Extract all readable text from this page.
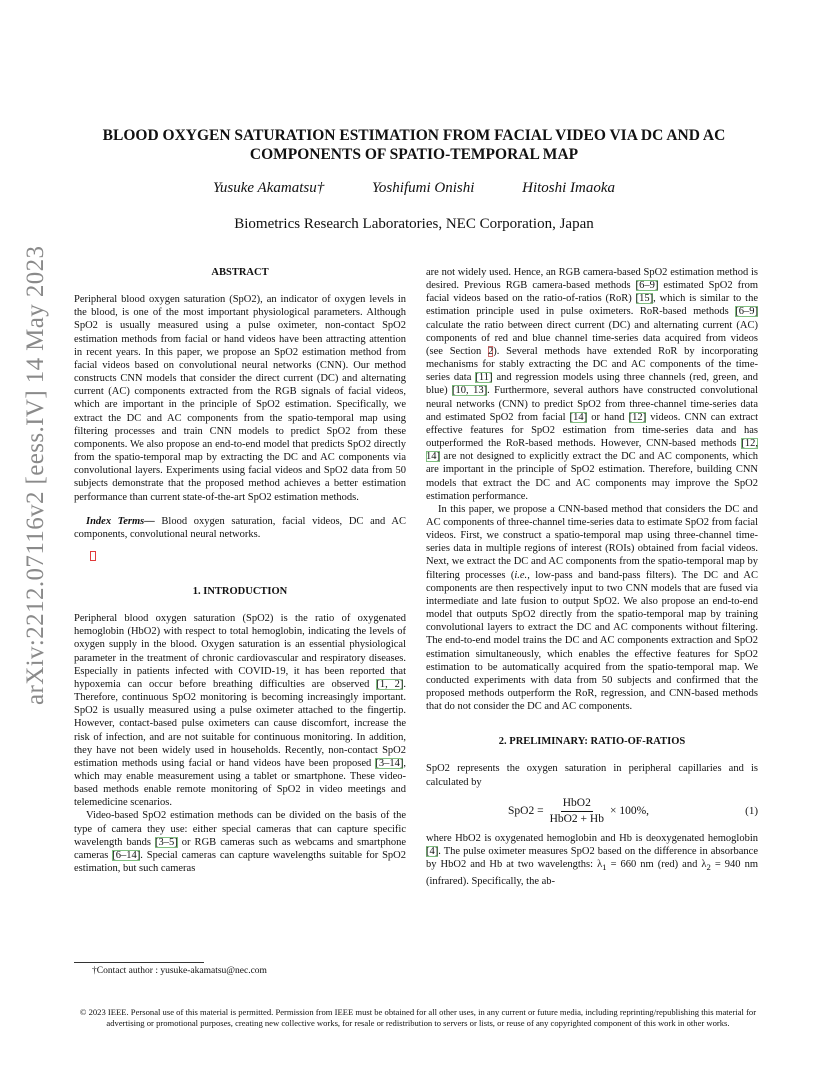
arXiv:2212.07116v2 [eess.IV] 14 May 2023
BLOOD OXYGEN SATURATION ESTIMATION FROM FACIAL VIDEO VIA DC AND AC COMPONENTS OF SPATIO-TEMPORAL MAP
Yusuke Akamatsu†	Yoshifumi Onishi	Hitoshi Imaoka
Biometrics Research Laboratories, NEC Corporation, Japan
ABSTRACT

Peripheral blood oxygen saturation (SpO2), an indicator of oxygen levels in the blood, is one of the most important physiological parameters. Although SpO2 is usually measured using a pulse oximeter, non-contact SpO2 estimation methods from facial or hand videos have been attracting attention in recent years. In this paper, we propose an SpO2 estimation method from facial videos based on convolutional neural networks (CNN). Our method constructs CNN models that consider the direct current (DC) and alternating current (AC) components extracted from the RGB signals of facial videos, which are important in the principle of SpO2 estimation. Specifically, we extract the DC and AC components from the spatio-temporal map using filtering processes and train CNN models to predict SpO2 from these components. We also propose an end-to-end model that predicts SpO2 directly from the spatio-temporal map by extracting the DC and AC components via convolutional layers. Experiments using facial videos and SpO2 data from 50 subjects demonstrate that the proposed method achieves a better estimation performance than current state-of-the-art SpO2 estimation methods.

Index Terms— Blood oxygen saturation, facial videos, DC and AC components, convolutional neural networks.

1. INTRODUCTION

Peripheral blood oxygen saturation (SpO2) is the ratio of oxygenated hemoglobin (HbO2) with respect to total hemoglobin, indicating the levels of oxygen supply in the blood. Oxygen saturation is an essential physiological parameter in the treatment of chronic cardiovascular and respiratory diseases. Especially in patients infected with COVID-19, it has been reported that hypoxemia can occur before breathing difficulties are observed [1, 2]. Therefore, continuous SpO2 monitoring is becoming increasingly important. SpO2 is usually measured using a pulse oximeter attached to the fingertip. However, contact-based pulse oximeters can cause discomfort, increase the risk of infection, and are not suitable for continuous monitoring. In addition, they have not been widely used in households. Recently, non-contact SpO2 estimation methods using facial or hand videos have been proposed [3–14], which may enable measurement using a tablet or smartphone. These video-based methods enable remote monitoring of SpO2 in video meetings and telemedicine scenarios.

Video-based SpO2 estimation methods can be divided on the basis of the type of camera they use: either special cameras that can capture specific wavelength bands [3–5] or RGB cameras such as webcams and smartphone cameras [6–14]. Special cameras can capture wavelengths suitable for SpO2 estimation, but such cameras

are not widely used. Hence, an RGB camera-based SpO2 estimation method is desired. Previous RGB camera-based methods [6–9] estimated SpO2 from facial videos based on the ratio-of-ratios (RoR) [15], which is similar to the estimation principle used in pulse oximeters. RoR-based methods [6–9] calculate the ratio between direct current (DC) and alternating current (AC) components of red and blue channel time-series data acquired from videos (see Section 2). Several methods have extended RoR by incorporating mechanisms for stably extracting the DC and AC components of the time-series data [11] and regression models using three channels (red, green, and blue) [10, 13]. Furthermore, several authors have constructed convolutional neural networks (CNN) to predict SpO2 from three-channel time-series data and estimated SpO2 from facial [14] or hand [12] videos. CNN can extract effective features for SpO2 estimation from time-series data and has outperformed the RoR-based methods. However, CNN-based methods [12, 14] are not designed to explicitly extract the DC and AC components, which are important in the principle of SpO2 estimation. Therefore, building CNN models that extract the DC and AC components may improve the SpO2 estimation performance.

In this paper, we propose a CNN-based method that considers the DC and AC components of three-channel time-series data to estimate SpO2 from facial videos. First, we construct a spatio-temporal map using three-channel time-series data in multiple regions of interest (ROIs) obtained from facial videos. Next, we extract the DC and AC components from the spatio-temporal map by filtering processes (i.e., low-pass and band-pass filters). The DC and AC components are then respectively input to two CNN models that are fused via intermediate and late fusion to output SpO2. We also propose an end-to-end model that outputs SpO2 directly from the spatio-temporal map by training convolutional layers to extract the DC and AC components without filtering. The end-to-end model trains the DC and AC components extraction and SpO2 estimation simultaneously, which enables the effective features for SpO2 estimation to be automatically acquired from the spatio-temporal map. We conducted experiments with data from 50 subjects and confirmed that the proposed methods outperform the RoR, regression, and CNN-based methods that do not consider the DC and AC components.

2. PRELIMINARY: RATIO-OF-RATIOS

SpO2 represents the oxygen saturation in peripheral capillaries and is calculated by

$SpO2 = \frac{\text{HbO2}}{\text{HbO2 + Hb}} \times 100\%$,	(1)

where HbO2 is oxygenated hemoglobin and Hb is deoxygenated hemoglobin [4]. The pulse oximeter measures SpO2 based on the difference in absorbance by HbO2 and Hb at two wavelengths: $\lambda_1 = 660$ nm (red) and $\lambda_2 = 940$ nm (infrared). Specifically, the ab-

†Contact author : yusuke-akamatsu@nec.com
© 2023 IEEE. Personal use of this material is permitted. Permission from IEEE must be obtained for all other uses, in any current or future media, including reprinting/republishing this material for advertising or promotional purposes, creating new collective works, for resale or redistribution to servers or lists, or reuse of any copyrighted component of this work in other works.
